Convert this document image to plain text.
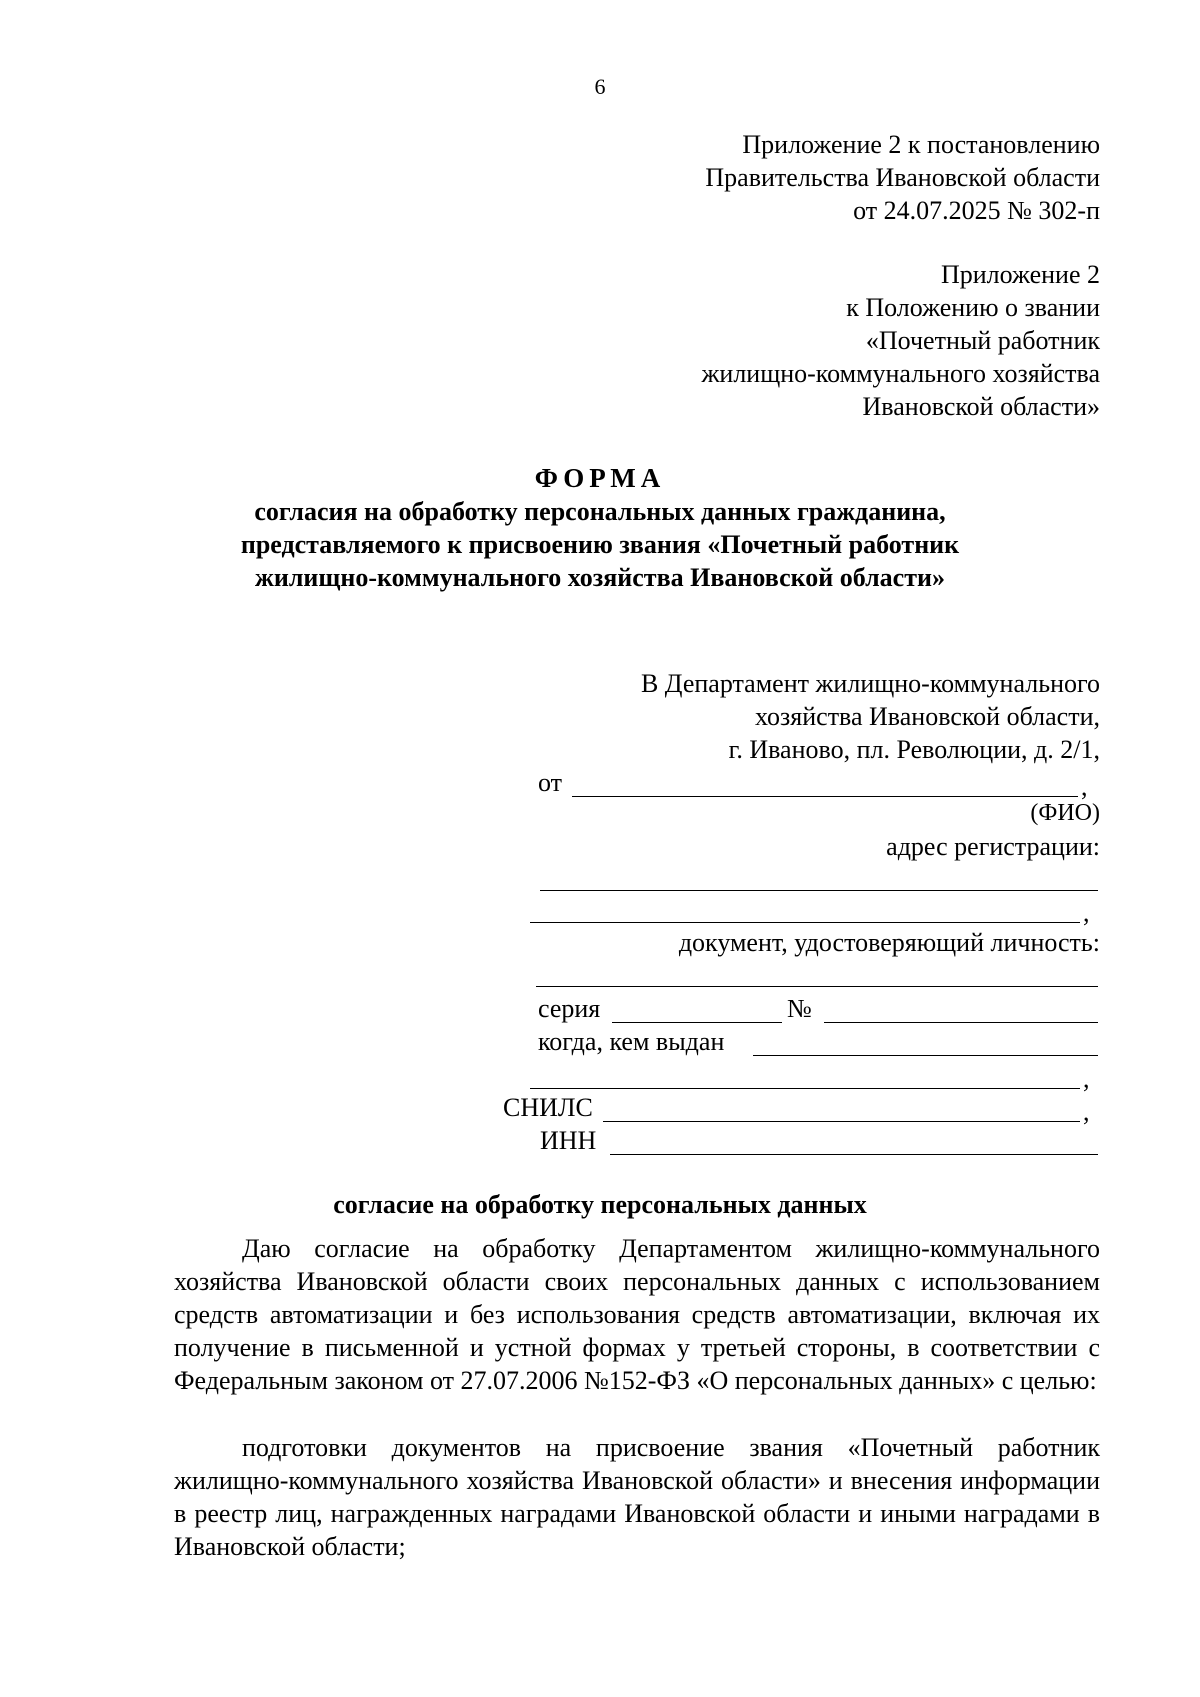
6
Приложение 2 к постановлению
Правительства Ивановской области
от 24.07.2025 № 302-п
Приложение 2
к Положению о звании
«Почетный работник
жилищно-коммунального хозяйства
Ивановской области»
ФОРМА
согласия на обработку персональных данных гражданина,
представляемого к присвоению звания «Почетный работник
жилищно-коммунального хозяйства Ивановской области»
В Департамент жилищно-коммунального
хозяйства Ивановской области,
г. Иваново, пл. Революции, д. 2/1,
от	,
(ФИО)
адрес регистрации:
,
документ, удостоверяющий личность:
серия	№
когда, кем выдан
,
СНИЛС	,
ИНН
согласие на обработку персональных данных

Даю согласие на обработку Департаментом жилищно-коммунального хозяйства Ивановской области своих персональных данных с использованием средств автоматизации и без использования средств автоматизации, включая их получение в письменной и устной формах у третьей стороны, в соответствии с Федеральным законом от 27.07.2006 №152-ФЗ «О персональных данных» с целью:

подготовки документов на присвоение звания «Почетный работник жилищно-коммунального хозяйства Ивановской области» и внесения информации в реестр лиц, награжденных наградами Ивановской области и иными наградами в Ивановской области;
